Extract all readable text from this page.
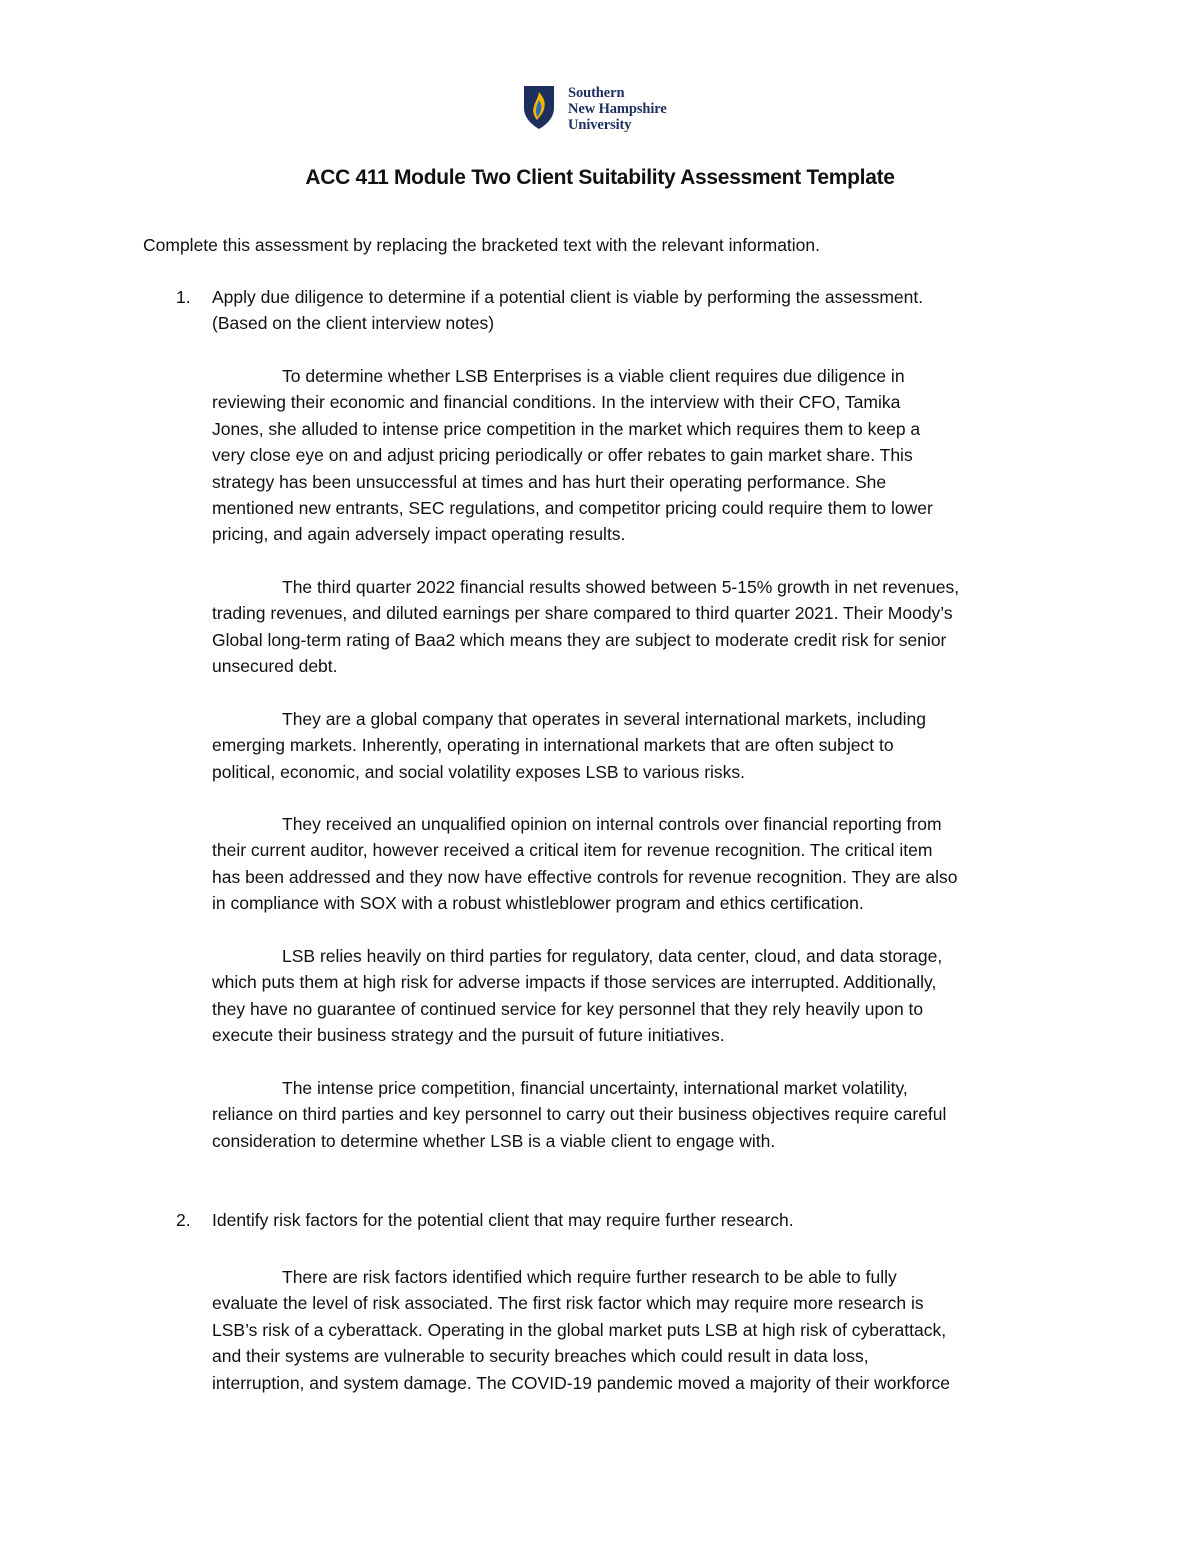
Southern
New Hampshire
University
ACC 411 Module Two Client Suitability Assessment Template
Complete this assessment by replacing the bracketed text with the relevant information.
1. Apply due diligence to determine if a potential client is viable by performing the assessment.
(Based on the client interview notes)
To determine whether LSB Enterprises is a viable client requires due diligence in
reviewing their economic and financial conditions. In the interview with their CFO, Tamika
Jones, she alluded to intense price competition in the market which requires them to keep a
very close eye on and adjust pricing periodically or offer rebates to gain market share. This
strategy has been unsuccessful at times and has hurt their operating performance. She
mentioned new entrants, SEC regulations, and competitor pricing could require them to lower
pricing, and again adversely impact operating results.
The third quarter 2022 financial results showed between 5-15% growth in net revenues,
trading revenues, and diluted earnings per share compared to third quarter 2021. Their Moody’s
Global long-term rating of Baa2 which means they are subject to moderate credit risk for senior
unsecured debt.
They are a global company that operates in several international markets, including
emerging markets. Inherently, operating in international markets that are often subject to
political, economic, and social volatility exposes LSB to various risks.
They received an unqualified opinion on internal controls over financial reporting from
their current auditor, however received a critical item for revenue recognition. The critical item
has been addressed and they now have effective controls for revenue recognition. They are also
in compliance with SOX with a robust whistleblower program and ethics certification.
LSB relies heavily on third parties for regulatory, data center, cloud, and data storage,
which puts them at high risk for adverse impacts if those services are interrupted. Additionally,
they have no guarantee of continued service for key personnel that they rely heavily upon to
execute their business strategy and the pursuit of future initiatives.
The intense price competition, financial uncertainty, international market volatility,
reliance on third parties and key personnel to carry out their business objectives require careful
consideration to determine whether LSB is a viable client to engage with.
2. Identify risk factors for the potential client that may require further research.
There are risk factors identified which require further research to be able to fully
evaluate the level of risk associated. The first risk factor which may require more research is
LSB’s risk of a cyberattack. Operating in the global market puts LSB at high risk of cyberattack,
and their systems are vulnerable to security breaches which could result in data loss,
interruption, and system damage. The COVID-19 pandemic moved a majority of their workforce
